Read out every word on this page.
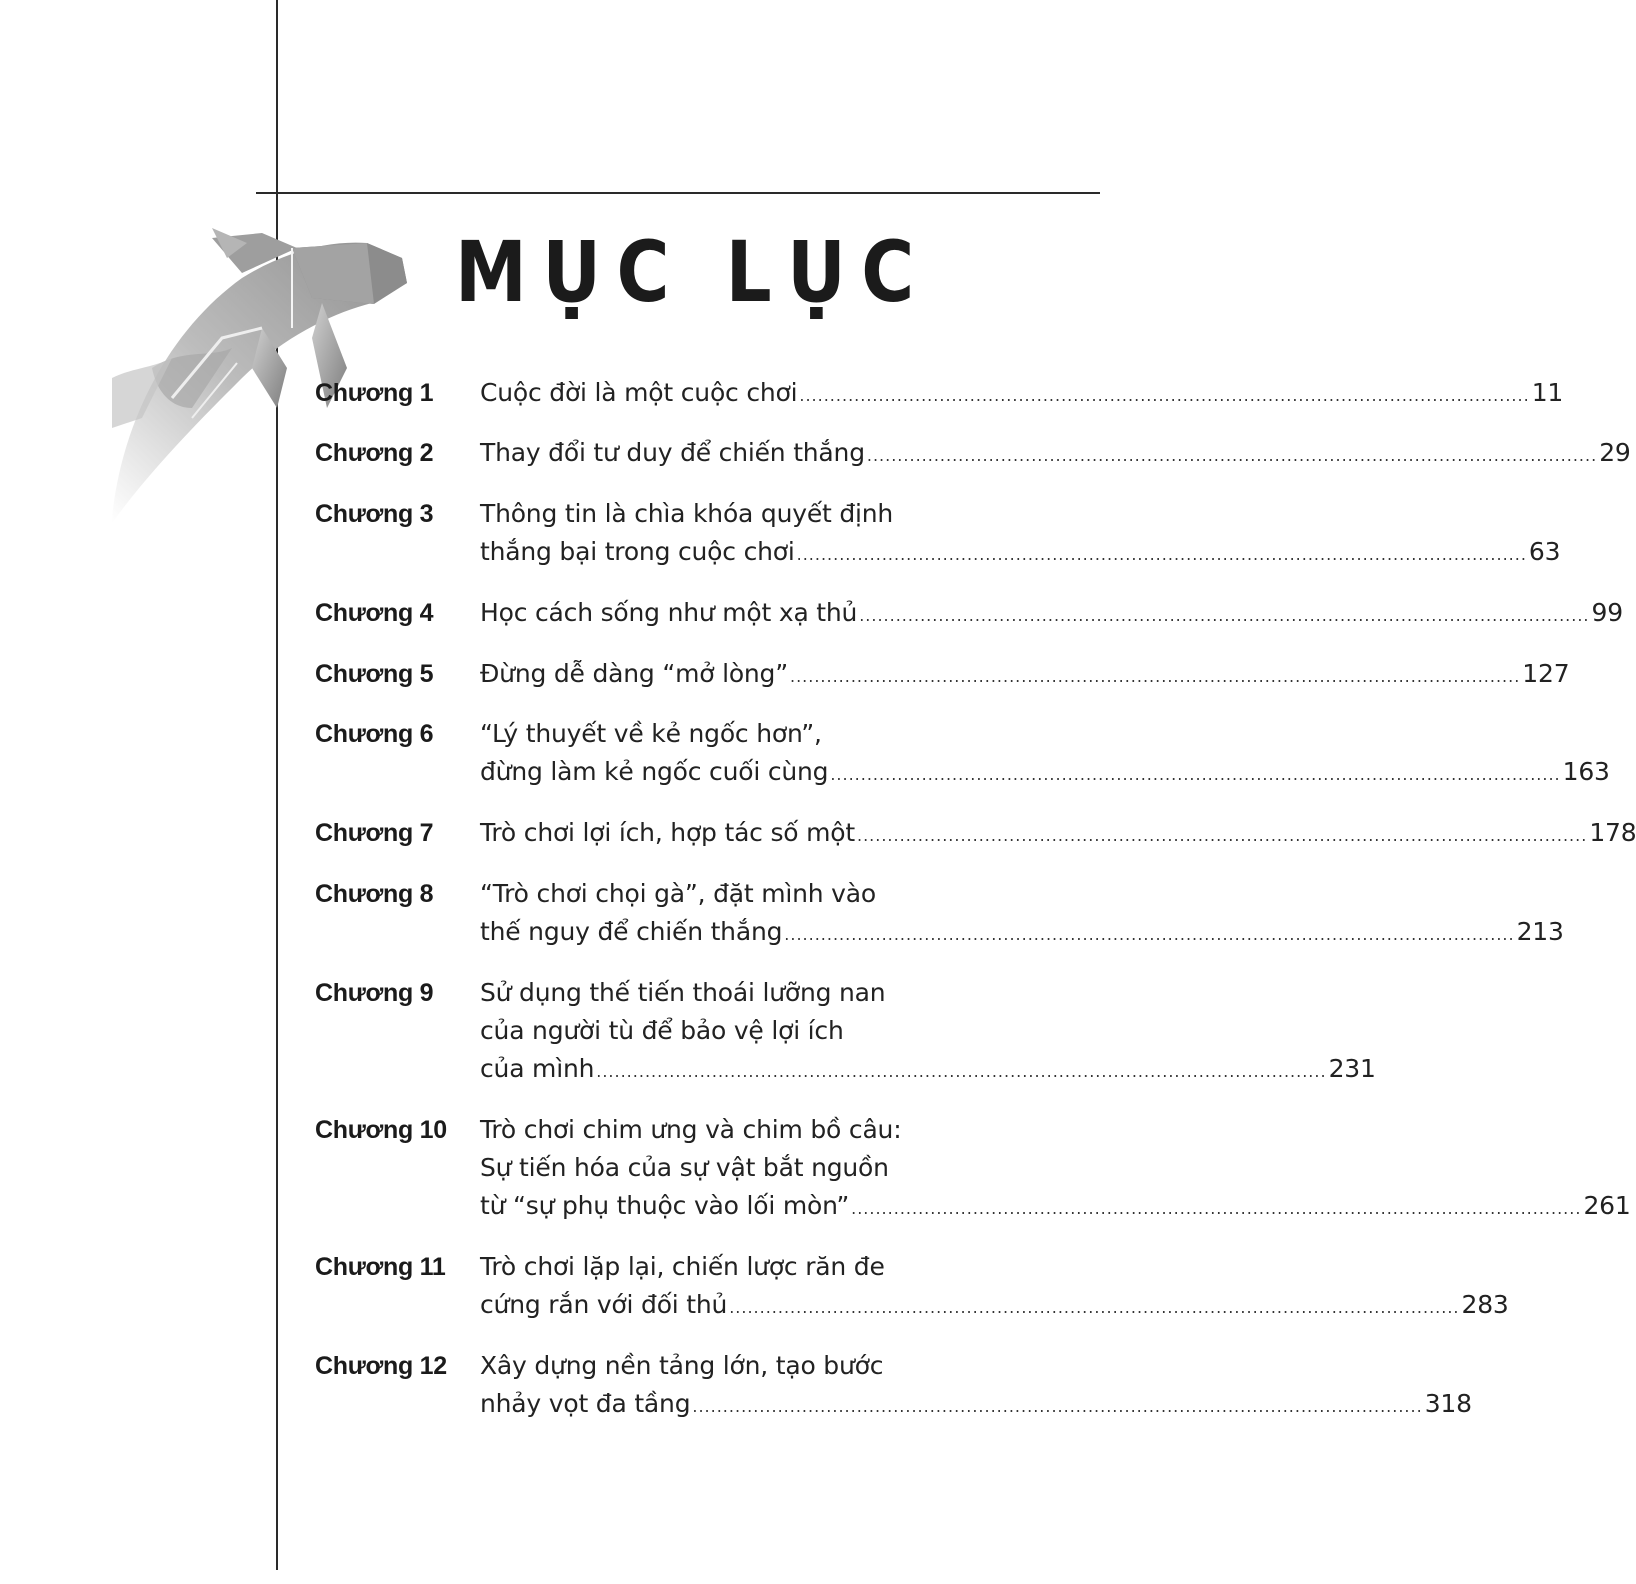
MỤC LỤC
Chương 1	Cuộc đời là một cuộc chơi ........................................................................................................................ 11
Chương 2	Thay đổi tư duy để chiến thắng ........................................................................................................................ 29
Chương 3	Thông tin là chìa khóa quyết định
thắng bại trong cuộc chơi ........................................................................................................................ 63
Chương 4	Học cách sống như một xạ thủ ........................................................................................................................ 99
Chương 5	Đừng dễ dàng “mở lòng” ........................................................................................................................ 127
Chương 6	“Lý thuyết về kẻ ngốc hơn”,
đừng làm kẻ ngốc cuối cùng ........................................................................................................................ 163
Chương 7	Trò chơi lợi ích, hợp tác số một ........................................................................................................................ 178
Chương 8	“Trò chơi chọi gà”, đặt mình vào
thế nguy để chiến thắng ........................................................................................................................ 213
Chương 9	Sử dụng thế tiến thoái lưỡng nan
của người tù để bảo vệ lợi ích
của mình ........................................................................................................................ 231
Chương 10	Trò chơi chim ưng và chim bồ câu:
Sự tiến hóa của sự vật bắt nguồn
từ “sự phụ thuộc vào lối mòn” ........................................................................................................................ 261
Chương 11	Trò chơi lặp lại, chiến lược răn đe
cứng rắn với đối thủ ........................................................................................................................ 283
Chương 12	Xây dựng nền tảng lớn, tạo bước
nhảy vọt đa tầng ........................................................................................................................ 318
